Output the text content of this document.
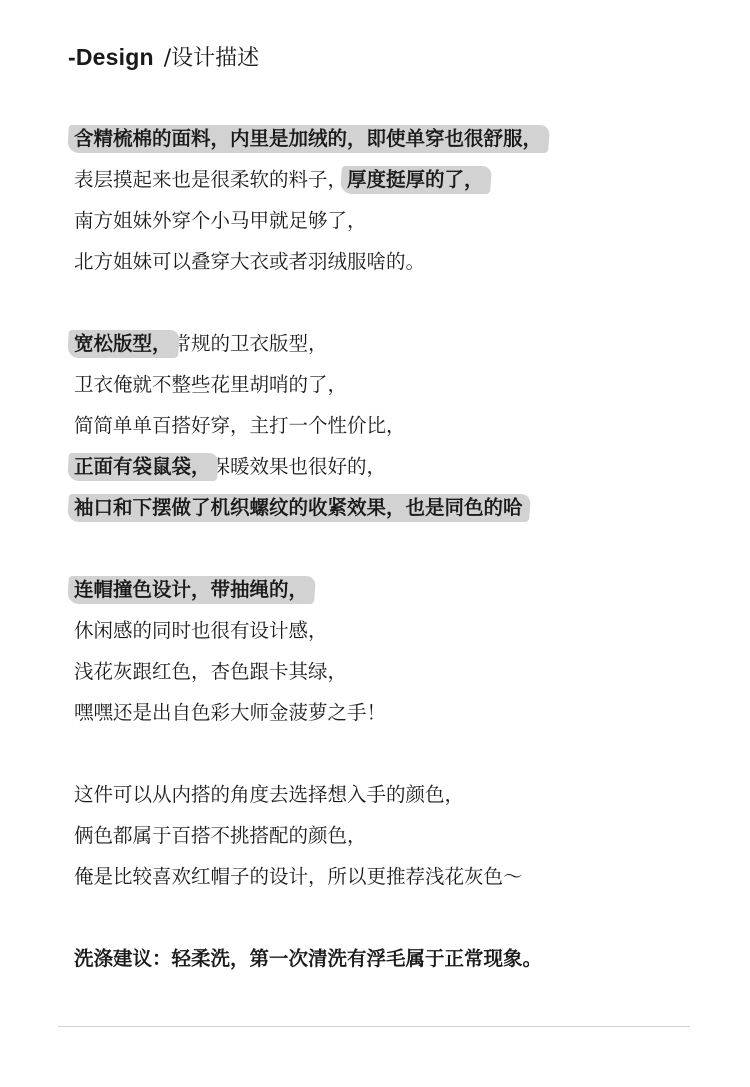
-Design /设计描述
含精梳棉的面料，内里是加绒的，即使单穿也很舒服，
表层摸起来也是很柔软的料子，厚度挺厚的了，
南方姐妹外穿个小马甲就足够了，
北方姐妹可以叠穿大衣或者羽绒服啥的。
宽松版型，常规的卫衣版型，
卫衣俺就不整些花里胡哨的了，
简简单单百搭好穿，主打一个性价比，
正面有袋鼠袋，保暖效果也很好的，
袖口和下摆做了机织螺纹的收紧效果，也是同色的哈。
连帽撞色设计，带抽绳的，
休闲感的同时也很有设计感，
浅花灰跟红色，杏色跟卡其绿，
嘿嘿还是出自色彩大师金菠萝之手！
这件可以从内搭的角度去选择想入手的颜色，
俩色都属于百搭不挑搭配的颜色，
俺是比较喜欢红帽子的设计，所以更推荐浅花灰色～
洗涤建议：轻柔洗，第一次清洗有浮毛属于正常现象。
